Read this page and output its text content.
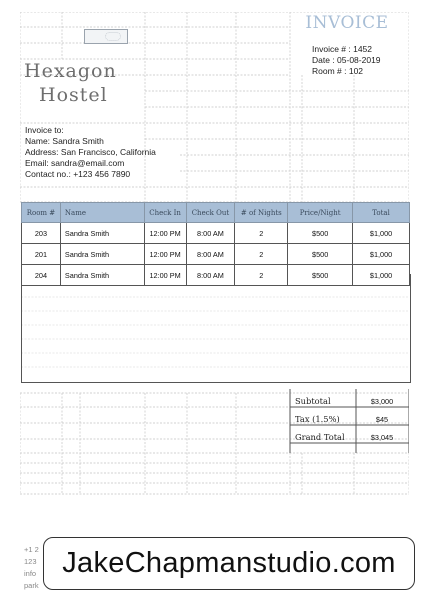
INVOICE
Hexagon
Hostel
Invoice # : 1452
Date : 05-08-2019
Room # : 102
Invoice to:
Name: Sandra Smith
Address: San Francisco, California
Email: sandra@email.com
Contact no.: +123 456 7890
Room #	Name	Check In	Check Out	# of Nights	Price/Night	Total
203	Sandra Smith	12:00 PM	8:00 AM	2	$500	$1,000
201	Sandra Smith	12:00 PM	8:00 AM	2	$500	$1,000
204	Sandra Smith	12:00 PM	8:00 AM	2	$500	$1,000
Subtotal	$3,000
Tax (1.5%)	$45
Grand Total	$3,045
+1 2
123
info
park
JakeChapmanstudio.com
